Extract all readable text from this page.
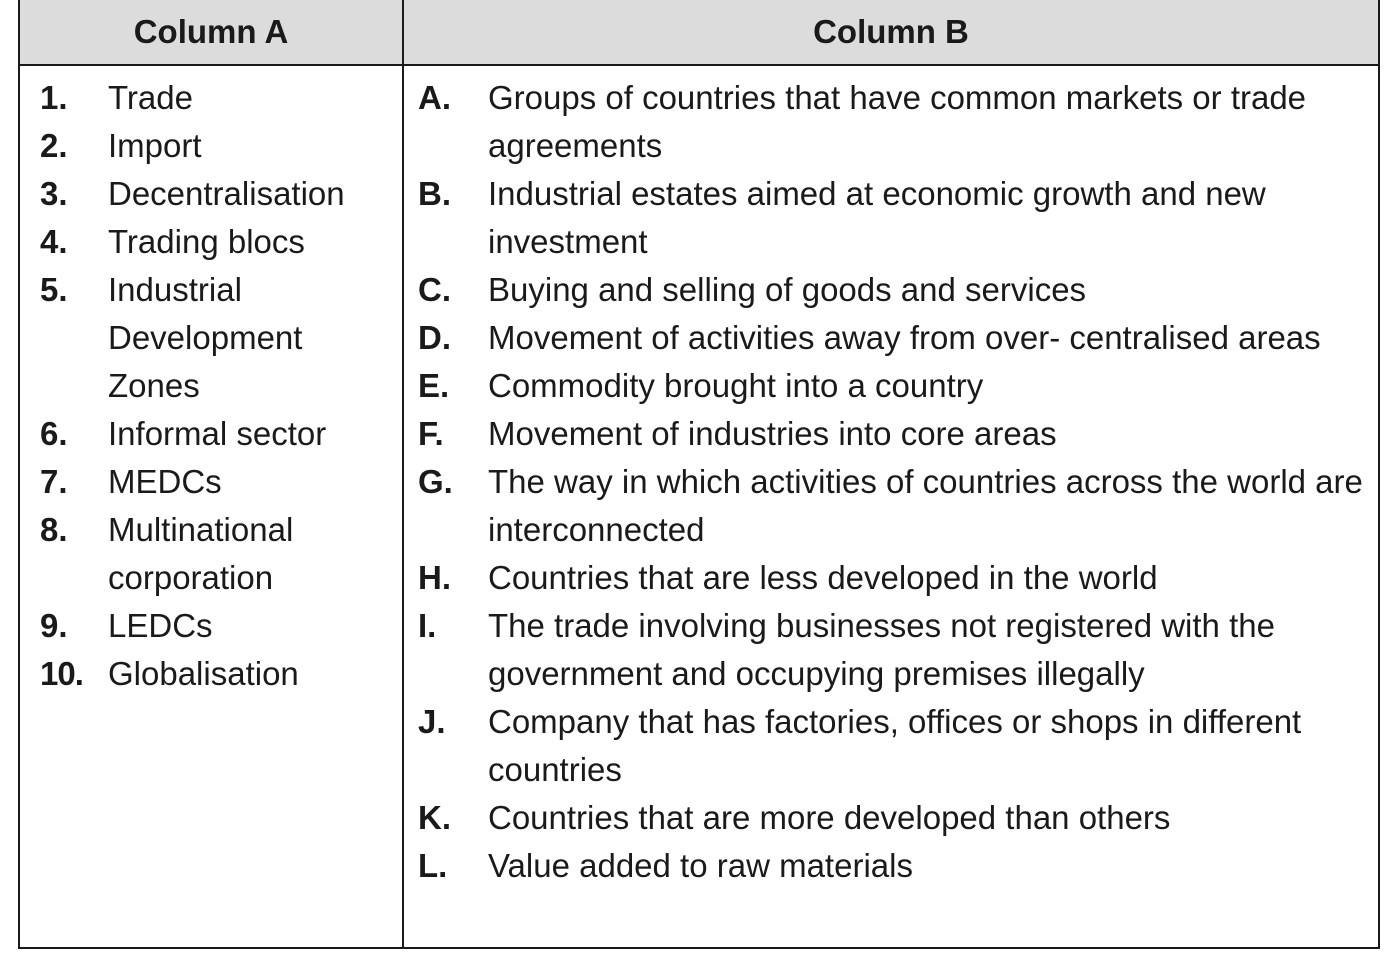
Column A	Column B
1.	Trade
2.	Import
3.	Decentralisation
4.	Trading blocs
5.	Industrial Development Zones
6.	Informal sector
7.	MEDCs
8.	Multinational corporation
9.	LEDCs
10. Globalisation
A.	Groups of countries that have common markets or trade agreements
B.	Industrial estates aimed at economic growth and new investment
C.	Buying and selling of goods and services
D.	Movement of activities away from over- centralised areas
E.	Commodity brought into a country
F.	Movement of industries into core areas
G.	The way in which activities of countries across the world are interconnected
H.	Countries that are less developed in the world
I.	The trade involving businesses not registered with the government and occupying premises illegally
J.	Company that has factories, offices or shops in different countries
K.	Countries that are more developed than others
L.	Value added to raw materials
